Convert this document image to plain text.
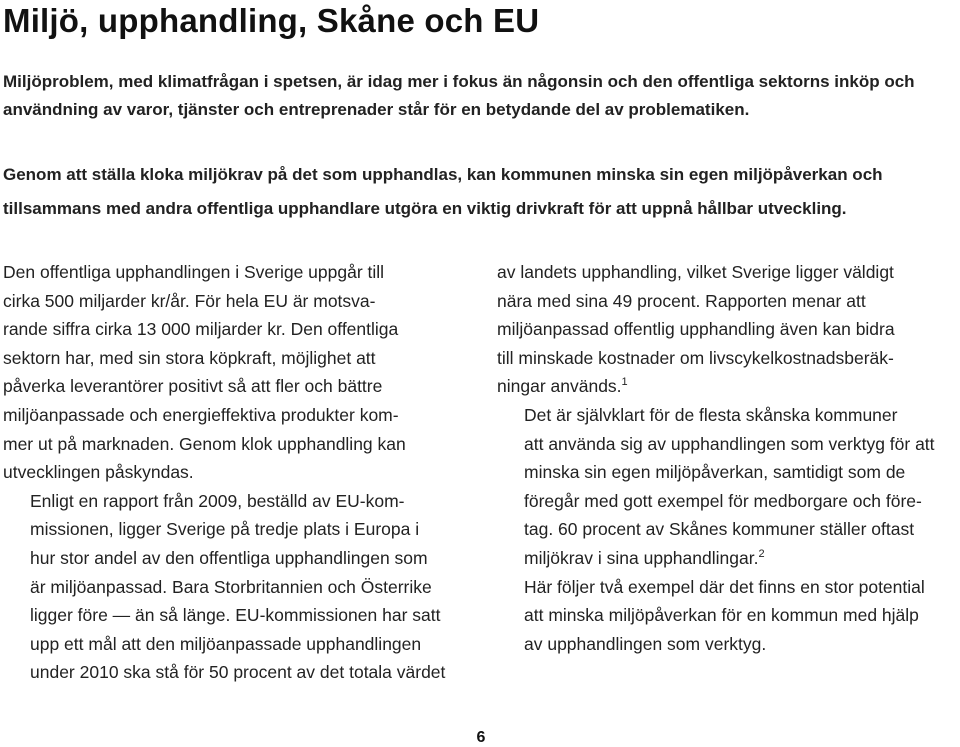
Miljö, upphandling, Skåne och EU

Miljöproblem, med klimatfrågan i spetsen, är idag mer i fokus än någonsin och den offentliga sektorns inköp och användning av varor, tjänster och entreprenader står för en betydande del av problematiken.

Genom att ställa kloka miljökrav på det som upphandlas, kan kommunen minska sin egen miljöpåverkan och tillsammans med andra offentliga upphandlare utgöra en viktig drivkraft för att uppnå hållbar utveckling.

Den offentliga upphandlingen i Sverige uppgår till
cirka 500 miljarder kr/år. För hela EU är motsva-
rande siffra cirka 13 000 miljarder kr. Den offentliga
sektorn har, med sin stora köpkraft, möjlighet att
påverka leverantörer positivt så att fler och bättre
miljöanpassade och energieffektiva produkter kom-
mer ut på marknaden. Genom klok upphandling kan
utvecklingen påskyndas.

Enligt en rapport från 2009, beställd av EU-kom-
missionen, ligger Sverige på tredje plats i Europa i
hur stor andel av den offentliga upphandlingen som
är miljöanpassad. Bara Storbritannien och Österrike
ligger före — än så länge. EU-kommissionen har satt
upp ett mål att den miljöanpassade upphandlingen
under 2010 ska stå för 50 procent av det totala värdet

av landets upphandling, vilket Sverige ligger väldigt
nära med sina 49 procent. Rapporten menar att
miljöanpassad offentlig upphandling även kan bidra
till minskade kostnader om livscykelkostnadsberäk-
ningar används.$^1$

Det är självklart för de flesta skånska kommuner
att använda sig av upphandlingen som verktyg för att
minska sin egen miljöpåverkan, samtidigt som de
föregår med gott exempel för medborgare och före-
tag. 60 procent av Skånes kommuner ställer oftast
miljökrav i sina upphandlingar.$^2$

Här följer två exempel där det finns en stor potential
att minska miljöpåverkan för en kommun med hjälp
av upphandlingen som verktyg.

6
